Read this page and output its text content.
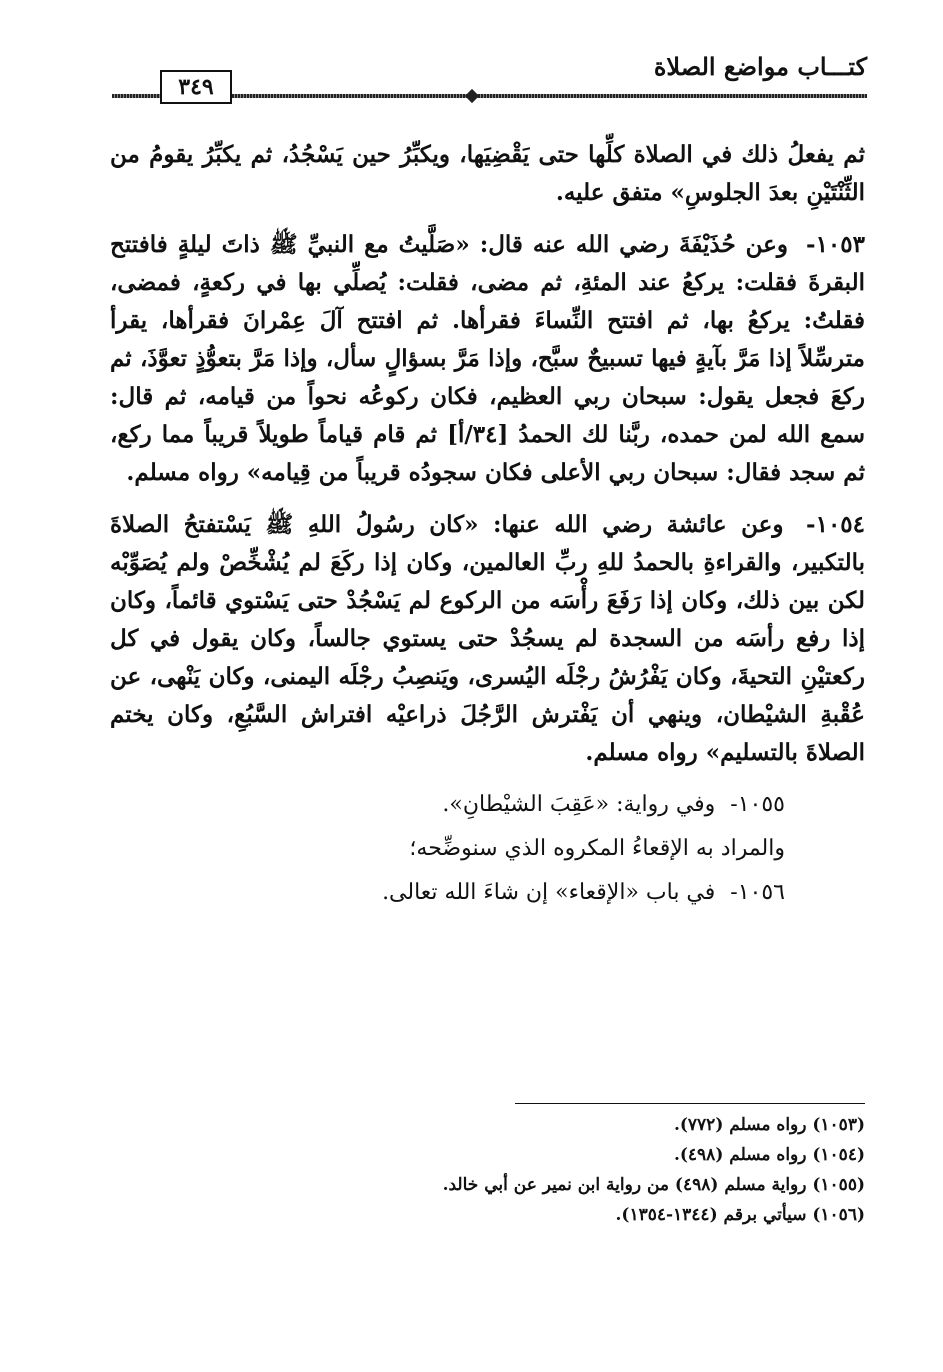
كتـــاب مواضع الصلاة
٣٤٩

ثم يفعلُ ذلك في الصلاة كلِّها حتى يَقْضِيَها، ويكبِّرُ حين يَسْجُدُ، ثم يكبِّرُ يقومُ من الثِّنْتَيْنِ بعدَ الجلوسِ» متفق عليه.

١٠٥٣- وعن حُذَيْفَةَ رضي الله عنه قال: «صَلَّيتُ مع النبيِّ ﷺ ذاتَ ليلةٍ فافتتح البقرةَ فقلت: يركعُ عند المئةِ، ثم مضى، فقلت: يُصلِّي بها في ركعةٍ، فمضى، فقلتُ: يركعُ بها، ثم افتتح النِّساءَ فقرأها. ثم افتتح آلَ عِمْرانَ فقرأها، يقرأ مترسِّلاً إذا مَرَّ بآيةٍ فيها تسبيحٌ سبَّح، وإذا مَرَّ بسؤالٍ سأل، وإذا مَرَّ بتعوُّذٍ تعوَّذَ، ثم ركعَ فجعل يقول: سبحان ربي العظيم، فكان ركوعُه نحواً من قيامه، ثم قال: سمع الله لمن حمده، ربَّنا لك الحمدُ [٣٤/أ] ثم قام قياماً طويلاً قريباً مما ركع، ثم سجد فقال: سبحان ربي الأعلى فكان سجودُه قريباً من قِيامه» رواه مسلم.

١٠٥٤- وعن عائشة رضي الله عنها: «كان رسُولُ اللهِ ﷺ يَسْتفتحُ الصلاةَ بالتكبير، والقراءةِ بالحمدُ للهِ ربِّ العالمين، وكان إذا ركَعَ لم يُشْخِّصْ ولم يُصَوِّبْه لكن بين ذلك، وكان إذا رَفَعَ رأْسَه من الركوع لم يَسْجُدْ حتى يَسْتوي قائماً، وكان إذا رفع رأسَه من السجدة لم يسجُدْ حتى يستوي جالساً، وكان يقول في كل ركعتيْنِ التحيةَ، وكان يَفْرُشُ رجْلَه اليُسرى، ويَنصِبُ رجْلَه اليمنى، وكان يَنْهى، عن عُقْبةِ الشيْطان، وينهي أن يَفْترش الرَّجُلَ ذراعيْه افتراش السَّبُعِ، وكان يختم الصلاةَ بالتسليم» رواه مسلم.

١٠٥٥- وفي رواية: «عَقِبَ الشيْطانِ».

والمراد به الإقعاءُ المكروه الذي سنوضِّحه؛

١٠٥٦- في باب «الإقعاء» إن شاءَ الله تعالى.

(١٠٥٣) رواه مسلم (٧٧٢).
(١٠٥٤) رواه مسلم (٤٩٨).
(١٠٥٥) رواية مسلم (٤٩٨) من رواية ابن نمير عن أبي خالد.
(١٠٥٦) سيأتي برقم (١٣٤٤-١٣٥٤).
